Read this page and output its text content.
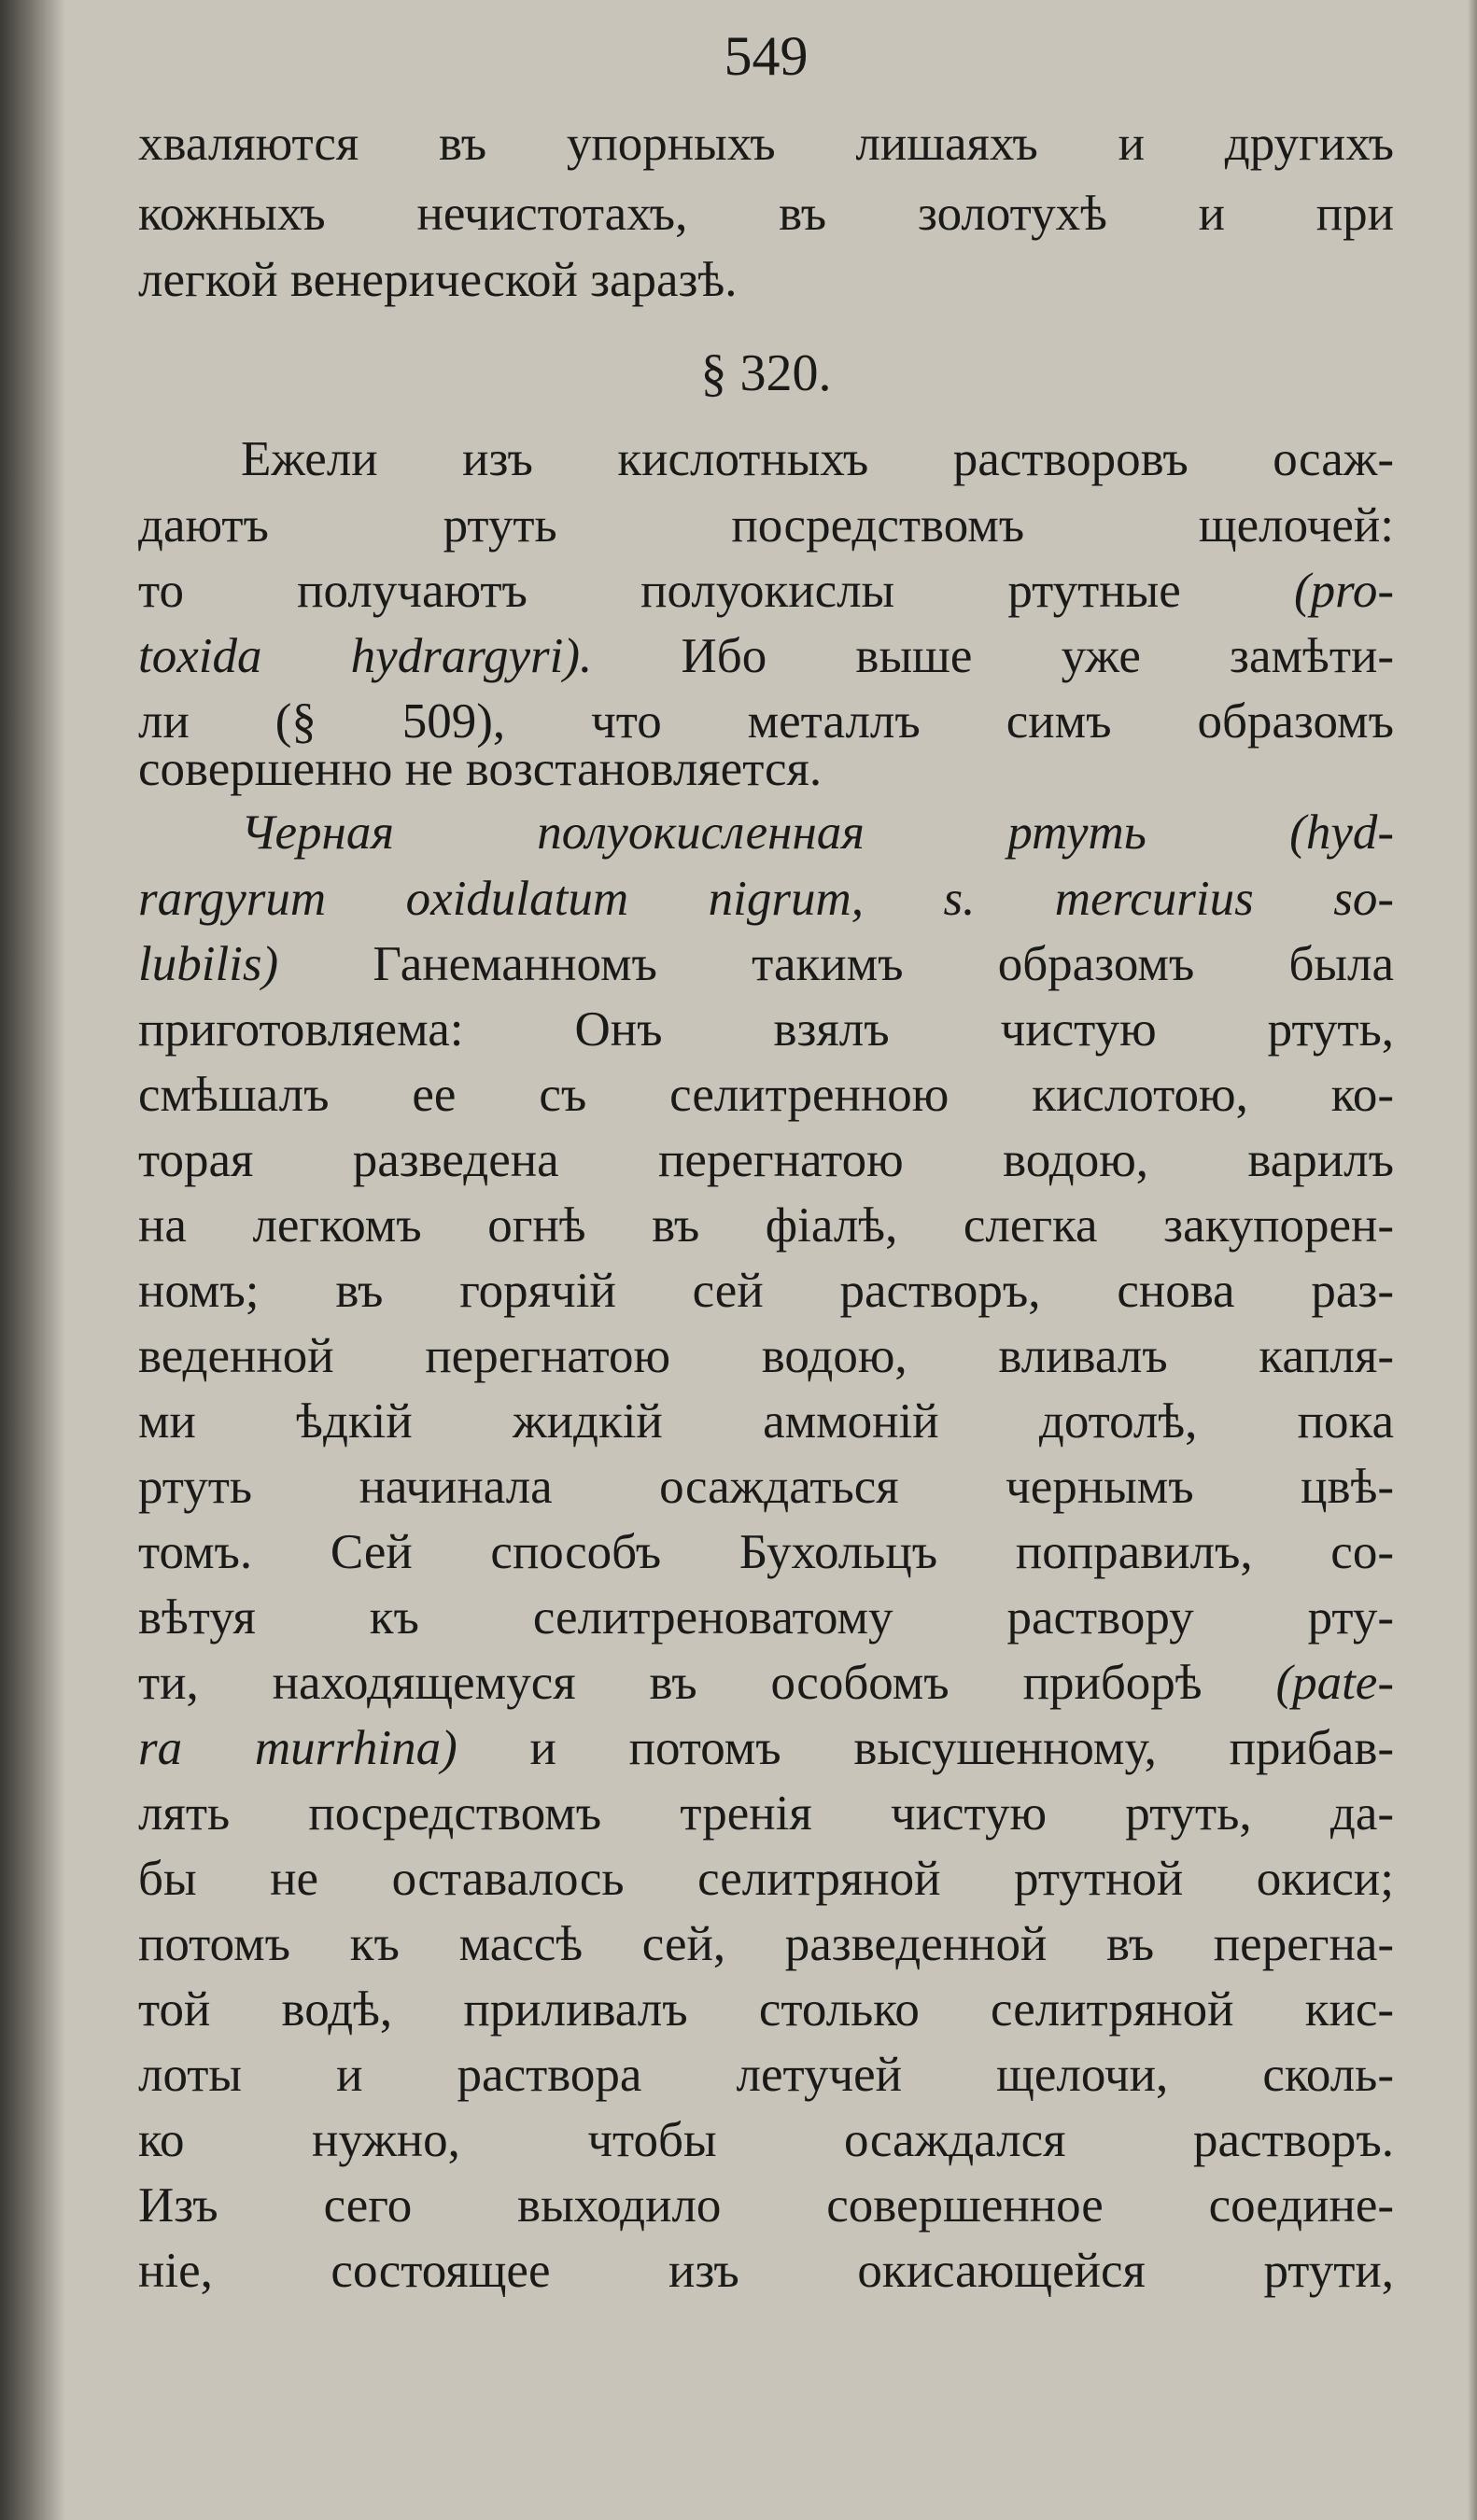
549
хваляются въ упорныхъ лишаяхъ и другихъ
кожныхъ нечистотахъ, въ золотухѣ и при
легкой венерической заразѣ.
§ 320.
Ежели изъ кислотныхъ растворовъ осаж-
даютъ ртуть посредствомъ щелочей:
то получаютъ полуокислы ртутные (pro-
toxida hydrargyri). Ибо выше уже замѣти-
ли (§ 509), что металлъ симъ образомъ
совершенно не возстановляется.
Черная полуокисленная ртуть (hyd-
rargyrum oxidulatum nigrum, s. mercurius so-
lubilis) Ганеманномъ такимъ образомъ была
приготовляема: Онъ взялъ чистую ртуть,
смѣшалъ ее съ селитренною кислотою, ко-
торая разведена перегнатою водою, варилъ
на легкомъ огнѣ въ фіалѣ, слегка закупорен-
номъ; въ горячій сей растворъ, снова раз-
веденной перегнатою водою, вливалъ капля-
ми ѣдкій жидкій аммоній дотолѣ, пока
ртуть начинала осаждаться чернымъ цвѣ-
томъ. Сей способъ Бухольцъ поправилъ, со-
вѣтуя къ селитреноватому раствору рту-
ти, находящемуся въ особомъ приборѣ (pate-
ra murrhina) и потомъ высушенному, прибав-
лять посредствомъ тренія чистую ртуть, да-
бы не оставалось селитряной ртутной окиси;
потомъ къ массѣ сей, разведенной въ перегна-
той водѣ, приливалъ столько селитряной кис-
лоты и раствора летучей щелочи, сколь-
ко нужно, чтобы осаждался растворъ.
Изъ сего выходило совершенное соедине-
ніе, состоящее изъ окисающейся ртути,
